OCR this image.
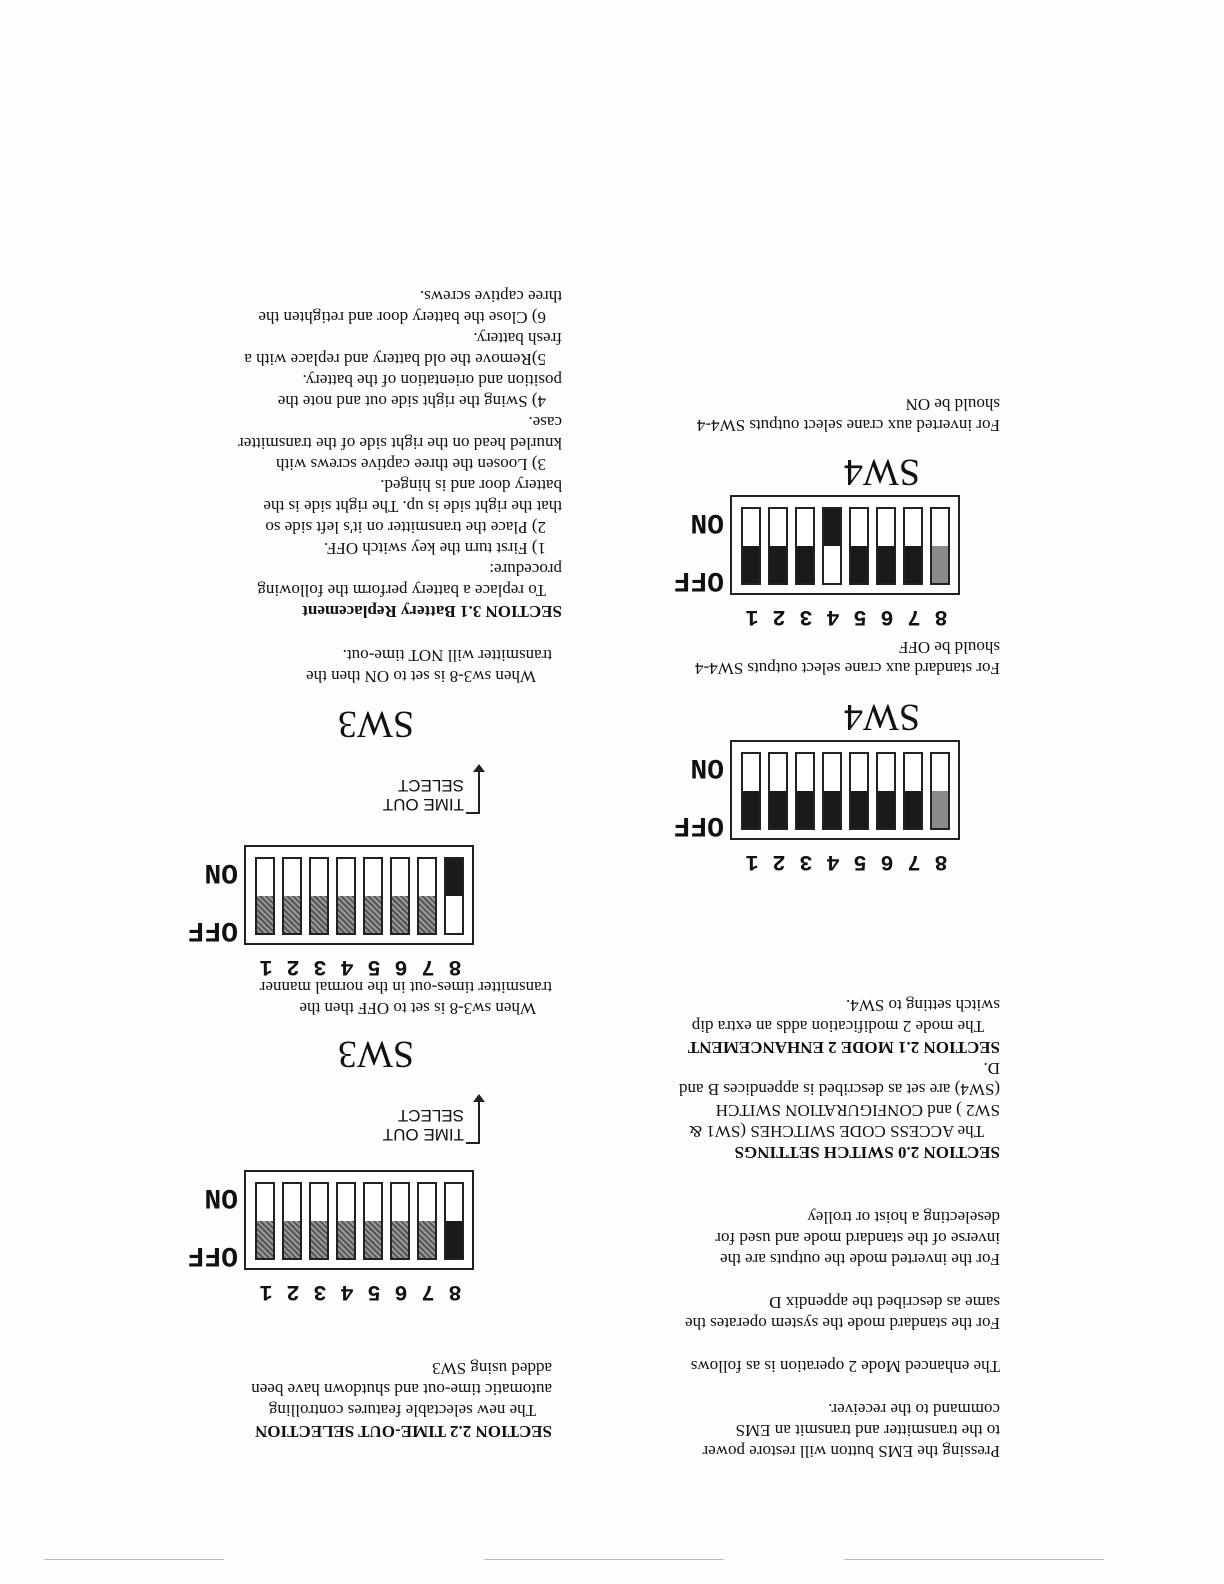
Pressing the EMS button will restore power

to the transmitter and transmit an EMS

command to the receiver.

The enhanced Mode 2 operation is as follows

For the standard mode the system operates the

same as described the appendix D

For the inverted mode the outputs are the

inverse of the standard mode and used for

deselecting a hoist or trolley

SECTION 2.0 SWITCH SETTINGS

The ACCESS CODE SWITCHES (SW1 &

SW2 ) and CONFIGURATION SWITCH

(SW4) are set as described is appendices B and

D.

SECTION 2.1 MODE 2 ENHANCEMENT

The mode 2 modification adds an extra dip

switch setting to SW4.

8
7
6
5
4
3
2
1
OFF
ON
SW4

For standard aux crane select outputs SW4-4

should be OFF

8
7
6
5
4
3
2
1
OFF
ON
SW4

For inverted aux crane select outputs SW4-4

should be ON

SECTION 2.2 TIME-OUT SELECTION

The new selectable features controlling

automatic time-out and shutdown have been

added using SW3

8
7
6
5
4
3
2
1
OFF
ON
TIME OUT
SELECT
SW3

When sw3-8 is set to OFF then the

transmitter times-out in the normal manner

8
7
6
5
4
3
2
1
OFF
ON
TIME OUT
SELECT
SW3

When sw3-8 is set to ON then the

transmitter will NOT time-out.

SECTION 3.1 Battery Replacement

To replace a battery perform the following

procedure:

1) First turn the key switch OFF.

2) Place the transmitter on it's left side so

that the right side is up. The right side is the

battery door and is hinged.

3) Loosen the three captive screws with

knurled head on the right side of the transmitter

case.

4) Swing the right side out and note the

position and orientation of the battery.

5)Remove the old battery and replace with a

fresh battery.

6) Close the battery door and retighten the

three captive screws.
